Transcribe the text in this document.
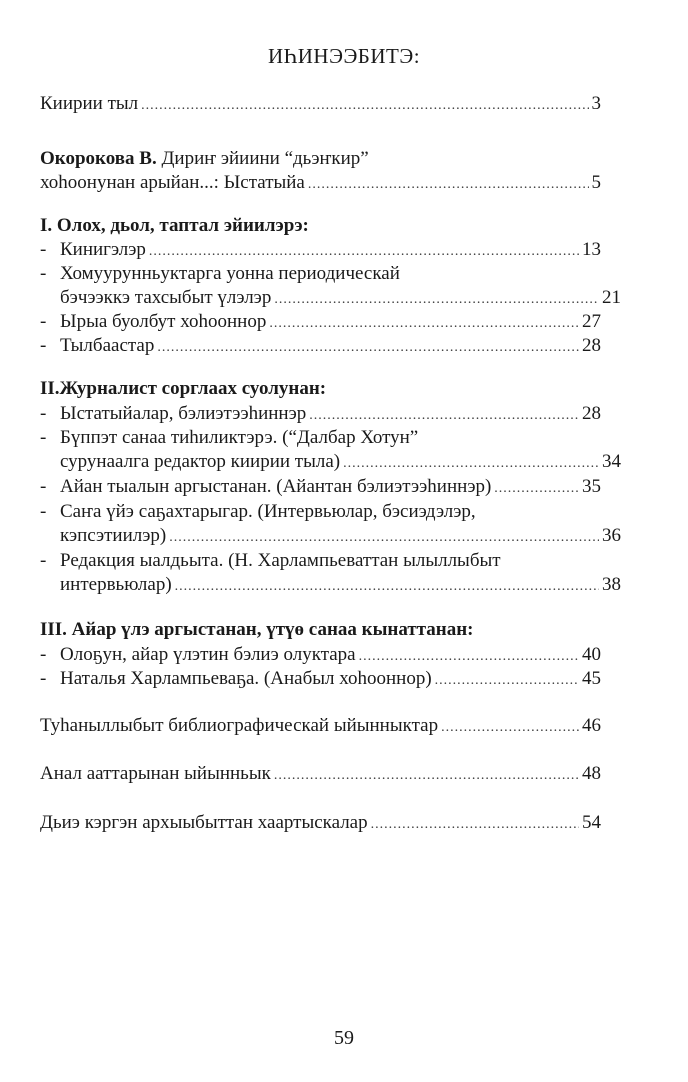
ИҺИНЭЭБИТЭ:
Киирии тыл .....	3
Окорокова В. Дириҥ эйиини “дьэҥкир”
хоһоонунан арыйан...: Ыстатыйа .....	5
I. Олох, дьол, таптал эйиилэрэ:
- Кинигэлэр .....	13
- Хомуурунньуктарга уонна периодическай
бэчээккэ тахсыбыт үлэлэр .....	21
- Ырыа буолбут хоһооннор .....	27
- Тылбаастар .....	28
II.Журналист сорглаах суолунан:
- Ыстатыйалар, бэлиэтээһиннэр .....	28
- Бүппэт санаа тиһиликтэрэ. (“Далбар Хотун”
сурунаалга редактор киирии тыла) .....	34
- Айан тыалын аргыстанан. (Айантан бэлиэтээһиннэр) .....	35
- Саҥа үйэ саҕахтарыгар. (Интервьюлар, бэсиэдэлэр,
кэпсэтиилэр) .....	36
- Редакция ыалдьыта. (Н. Харлампьеваттан ылыллыбыт
интервьюлар) .....	38
III. Айар үлэ аргыстанан, үтүө санаа кынаттанан:
- Олоҕун, айар үлэтин бэлиэ олуктара .....	40
- Наталья Харлампьеваҕа. (Анабыл хоһооннор) .....	45
Туһаныллыбыт библиографическай ыйынныктар .....	46
Анал ааттарынан ыйынньык .....	48
Дьиэ кэргэн архыыбыттан хаартыскалар .....	54
59
